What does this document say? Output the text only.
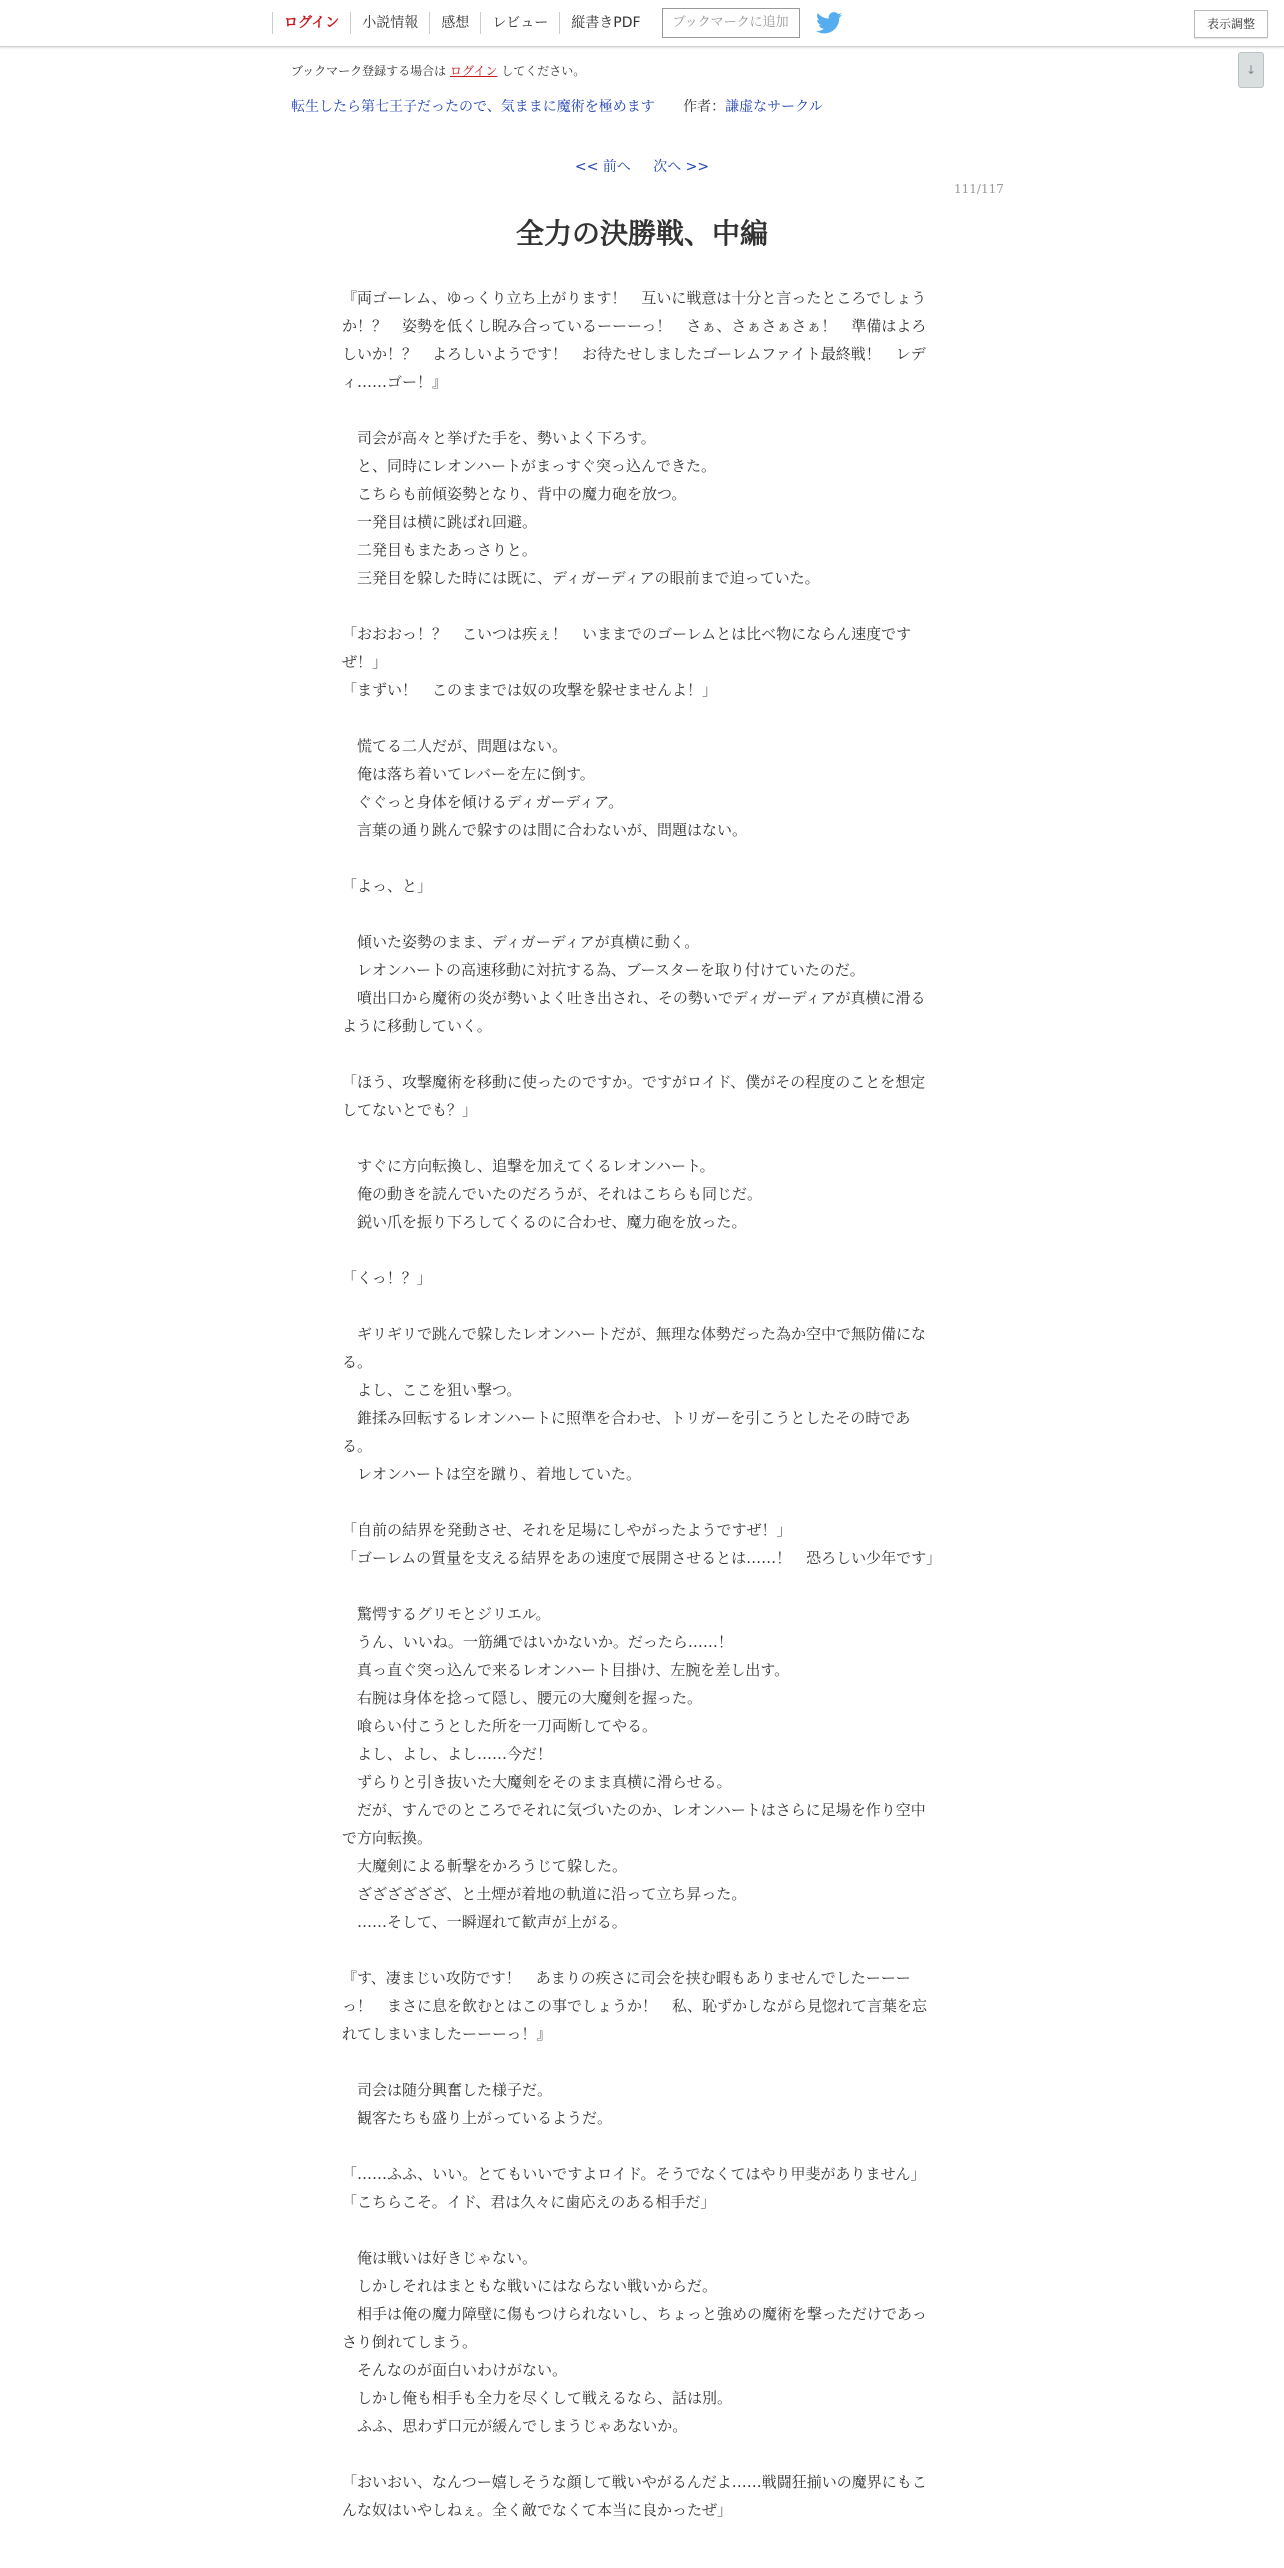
ログイン	小説情報	感想	レビュー	縦書きPDF	ブックマークに追加	表示調整
↓
ブックマーク登録する場合は ログイン してください。
転生したら第七王子だったので、気ままに魔術を極めます 作者：謙虚なサークル
<< 前へ 次へ >>
111/117
全力の決勝戦、中編

『両ゴーレム、ゆっくり立ち上がります！　互いに戦意は十分と言ったところでしょうか！？　姿勢を低くし睨み合っているーーーっ！　さぁ、さぁさぁさぁ！　準備はよろしいか！？　よろしいようです！　お待たせしましたゴーレムファイト最終戦！　レディ……ゴー！』

　司会が高々と挙げた手を、勢いよく下ろす。

　と、同時にレオンハートがまっすぐ突っ込んできた。

　こちらも前傾姿勢となり、背中の魔力砲を放つ。

　一発目は横に跳ばれ回避。

　二発目もまたあっさりと。

　三発目を躱した時には既に、ディガーディアの眼前まで迫っていた。

「おおおっ！？　こいつは疾ぇ！　いままでのゴーレムとは比べ物にならん速度ですぜ！」

「まずい！　このままでは奴の攻撃を躱せませんよ！」

　慌てる二人だが、問題はない。

　俺は落ち着いてレバーを左に倒す。

　ぐぐっと身体を傾けるディガーディア。

　言葉の通り跳んで躱すのは間に合わないが、問題はない。

「よっ、と」

　傾いた姿勢のまま、ディガーディアが真横に動く。

　レオンハートの高速移動に対抗する為、ブースターを取り付けていたのだ。

　噴出口から魔術の炎が勢いよく吐き出され、その勢いでディガーディアが真横に滑るように移動していく。

「ほう、攻撃魔術を移動に使ったのですか。ですがロイド、僕がその程度のことを想定してないとでも？」

　すぐに方向転換し、追撃を加えてくるレオンハート。

　俺の動きを読んでいたのだろうが、それはこちらも同じだ。

　鋭い爪を振り下ろしてくるのに合わせ、魔力砲を放った。

「くっ！？」

　ギリギリで跳んで躱したレオンハートだが、無理な体勢だった為か空中で無防備になる。

　よし、ここを狙い撃つ。

　錐揉み回転するレオンハートに照準を合わせ、トリガーを引こうとしたその時である。

　レオンハートは空を蹴り、着地していた。

「自前の結界を発動させ、それを足場にしやがったようですぜ！」

「ゴーレムの質量を支える結界をあの速度で展開させるとは……！　恐ろしい少年です」

　驚愕するグリモとジリエル。

　うん、いいね。一筋縄ではいかないか。だったら……！

　真っ直ぐ突っ込んで来るレオンハート目掛け、左腕を差し出す。

　右腕は身体を捻って隠し、腰元の大魔剣を握った。

　喰らい付こうとした所を一刀両断してやる。

　よし、よし、よし……今だ！

　ずらりと引き抜いた大魔剣をそのまま真横に滑らせる。

　だが、すんでのところでそれに気づいたのか、レオンハートはさらに足場を作り空中で方向転換。

　大魔剣による斬撃をかろうじて躱した。

　ざざざざざざ、と土煙が着地の軌道に沿って立ち昇った。

　……そして、一瞬遅れて歓声が上がる。

『す、凄まじい攻防です！　あまりの疾さに司会を挟む暇もありませんでしたーーーっ！　まさに息を飲むとはこの事でしょうか！　私、恥ずかしながら見惚れて言葉を忘れてしまいましたーーーっ！』

　司会は随分興奮した様子だ。

　観客たちも盛り上がっているようだ。

「……ふふ、いい。とてもいいですよロイド。そうでなくてはやり甲斐がありません」

「こちらこそ。イド、君は久々に歯応えのある相手だ」

　俺は戦いは好きじゃない。

　しかしそれはまともな戦いにはならない戦いからだ。

　相手は俺の魔力障壁に傷もつけられないし、ちょっと強めの魔術を撃っただけであっさり倒れてしまう。

　そんなのが面白いわけがない。

　しかし俺も相手も全力を尽くして戦えるなら、話は別。

　ふふ、思わず口元が緩んでしまうじゃあないか。

「おいおい、なんつー嬉しそうな顔して戦いやがるんだよ……戦闘狂揃いの魔界にもこんな奴はいやしねぇ。全く敵でなくて本当に良かったぜ」
